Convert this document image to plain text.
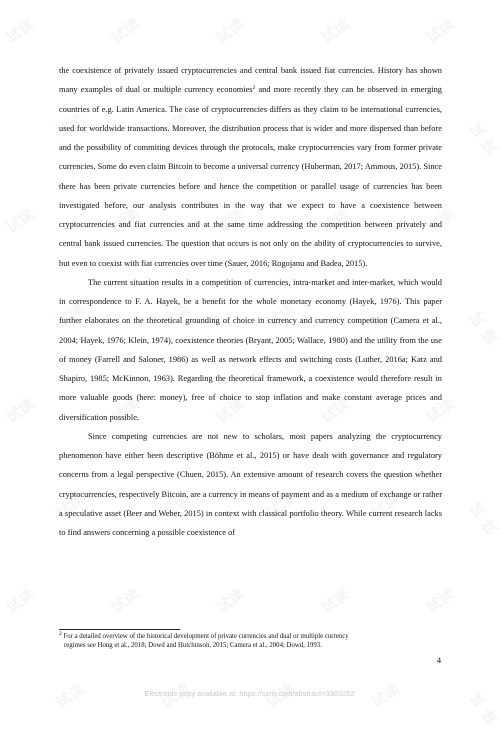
the coexistence of privately issued cryptocurrencies and central bank issued fiat currencies. History has shown many examples of dual or multiple currency economies$^2$ and more recently they can be observed in emerging countries of e.g. Latin America. The case of cryptocurrencies differs as they claim to be international currencies, used for worldwide transactions. Moreover, the distribution process that is wider and more dispersed than before and the possibility of commiting devices through the protocols, make cryptocurrencies vary from former private currencies. Some do even claim Bitcoin to become a universal currency (Huberman, 2017; Ammous, 2015). Since there has been private currencies before and hence the competition or parallel usage of currencies has been investigated before, our analysis contributes in the way that we expect to have a coexistence between cryptocurrencies and fiat currencies and at the same time addressing the competition between privately and central bank issued currencies. The question that occurs is not only on the ability of cryptocurrencies to survive, but even to coexist with fiat currencies over time (Sauer, 2016; Rogojanu and Badea, 2015).

The current situation results in a competition of currencies, intra-market and inter-market, which would in correspondence to F. A. Hayek, be a benefit for the whole monetary economy (Hayek, 1976). This paper further elaborates on the theoretical grounding of choice in currency and currency competition (Camera et al., 2004; Hayek, 1976; Klein, 1974), coexistence theories (Bryant, 2005; Wallace, 1980) and the utility from the use of money (Farrell and Saloner, 1986) as well as network effects and switching costs (Luther, 2016a; Katz and Shapiro, 1985; McKinnon, 1963). Regarding the theoretical framework, a coexistence would therefore result in more valuable goods (here: money), free of choice to stop inflation and make constant average prices and diversification possible.

Since competing currencies are not new to scholars, most papers analyzing the cryptocurrency phenomenon have either been descriptive (Böhme et al., 2015) or have dealt with governance and regulatory concerns from a legal perspective (Chuen, 2015). An extensive amount of research covers the question whether cryptocurrencies, respectively Bitcoin, are a currency in means of payment and as a medium of exchange or rather a speculative asset (Beer and Weber, 2015) in context with classical portfolio theory. While current research lacks to find answers concerning a possible coexistence of

$^2$ For a detailed overview of the historical development of private currencies and dual or multiple currency
regimes see Hong et al., 2018; Dowd and Hutchinson, 2015; Camera et al., 2004; Dowd, 1993.
4
Electronic copy available at: https://ssrn.com/abstract=3303252
